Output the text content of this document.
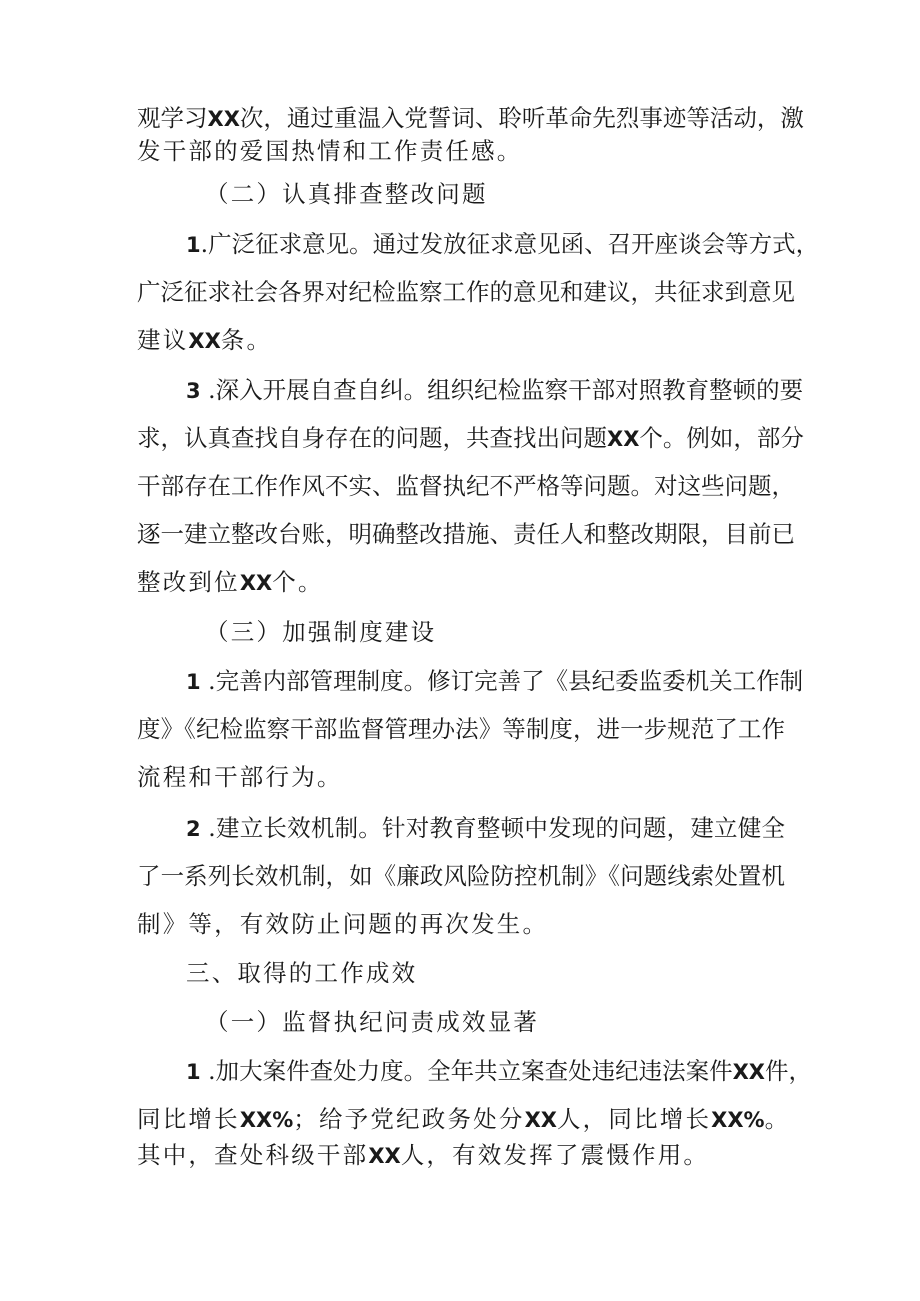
观学习XX次，通过重温入党誓词、聆听革命先烈事迹等活动，激
发干部的爱国热情和工作责任感。
（二）认真排查整改问题
1.广泛征求意见。通过发放征求意见函、召开座谈会等方式，
广泛征求社会各界对纪检监察工作的意见和建议，共征求到意见
建议XX条。
3 .深入开展自查自纠。组织纪检监察干部对照教育整顿的要
求，认真查找自身存在的问题，共查找出问题XX个。例如，部分
干部存在工作作风不实、监督执纪不严格等问题。对这些问题，
逐一建立整改台账，明确整改措施、责任人和整改期限，目前已
整改到位XX个。
（三）加强制度建设
1 .完善内部管理制度。修订完善了《县纪委监委机关工作制
度》《纪检监察干部监督管理办法》等制度，进一步规范了工作
流程和干部行为。
2 .建立长效机制。针对教育整顿中发现的问题，建立健全
了一系列长效机制，如《廉政风险防控机制》《问题线索处置机
制》等，有效防止问题的再次发生。
三、取得的工作成效
（一）监督执纪问责成效显著
1 .加大案件查处力度。全年共立案查处违纪违法案件XX件，
同比增长XX%；给予党纪政务处分XX人，同比增长XX%。
其中，查处科级干部XX人，有效发挥了震慑作用。
